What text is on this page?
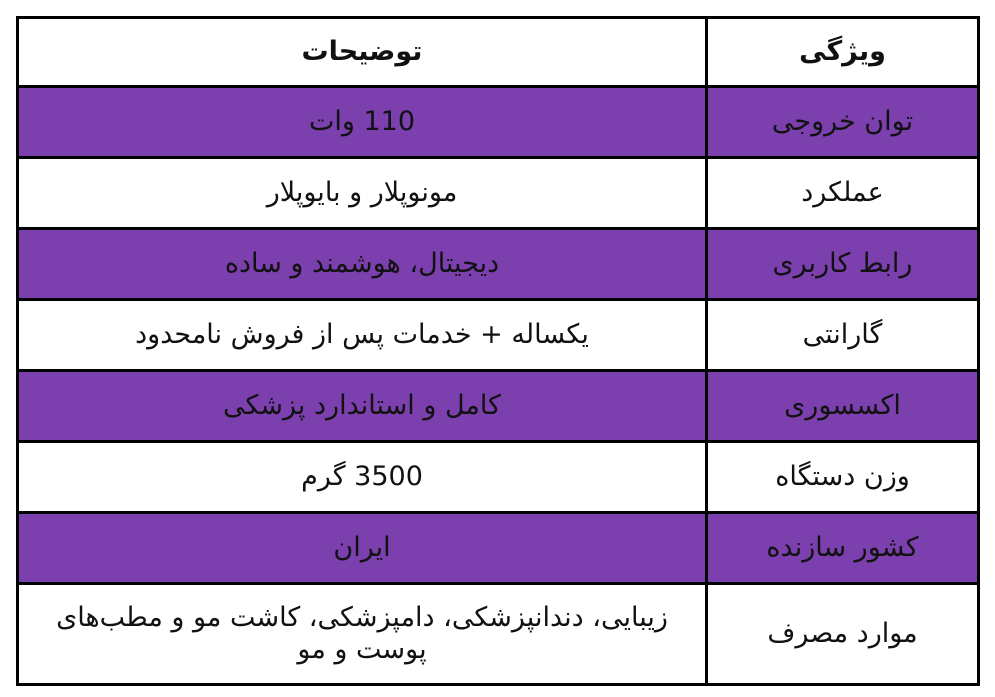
ویژگی	توضیحات
توان خروجی	110 وات
عملکرد	مونوپلار و بایوپلار
رابط کاربری	دیجیتال، هوشمند و ساده
گارانتی	یکساله + خدمات پس از فروش نامحدود
اکسسوری	کامل و استاندارد پزشکی
وزن دستگاه	3500 گرم
کشور سازنده	ایران
موارد مصرف	زیبایی، دندانپزشکی، دامپزشکی، کاشت مو و مطب‌های پوست و مو
